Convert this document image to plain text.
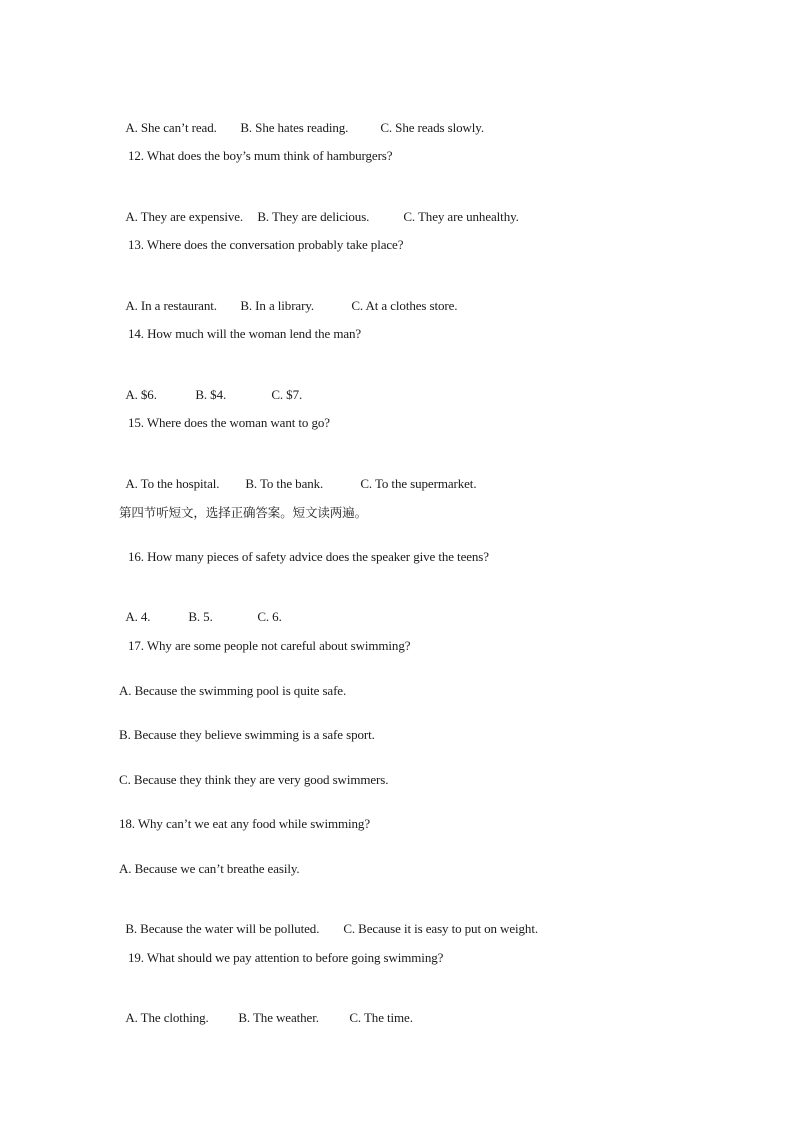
A. She can’t read. B. She hates reading. C. She reads slowly.

12. What does the boy’s mum think of hamburgers?

A. They are expensive. B. They are delicious.	C. They are unhealthy.

13. Where does the conversation probably take place?

A. In a restaurant. B. In a library.	C. At a clothes store.

14. How much will the woman lend the man?

A. $6.	B. $4.	C. $7.

15. Where does the woman want to go?

A. To the hospital. B. To the bank.	C. To the supermarket.

第四节听短文，选择正确答案。短文读两遍。
16. How many pieces of safety advice does the speaker give the teens?

A. 4.	B. 5.	C. 6.

17. Why are some people not careful about swimming?
A. Because the swimming pool is quite safe.
B. Because they believe swimming is a safe sport.
C. Because they think they are very good swimmers.
18. Why can’t we eat any food while swimming?
A. Because we can’t breathe easily.

B. Because the water will be polluted. C. Because it is easy to put on weight.

19. What should we pay attention to before going swimming?

A. The clothing. B. The weather. C. The time.
